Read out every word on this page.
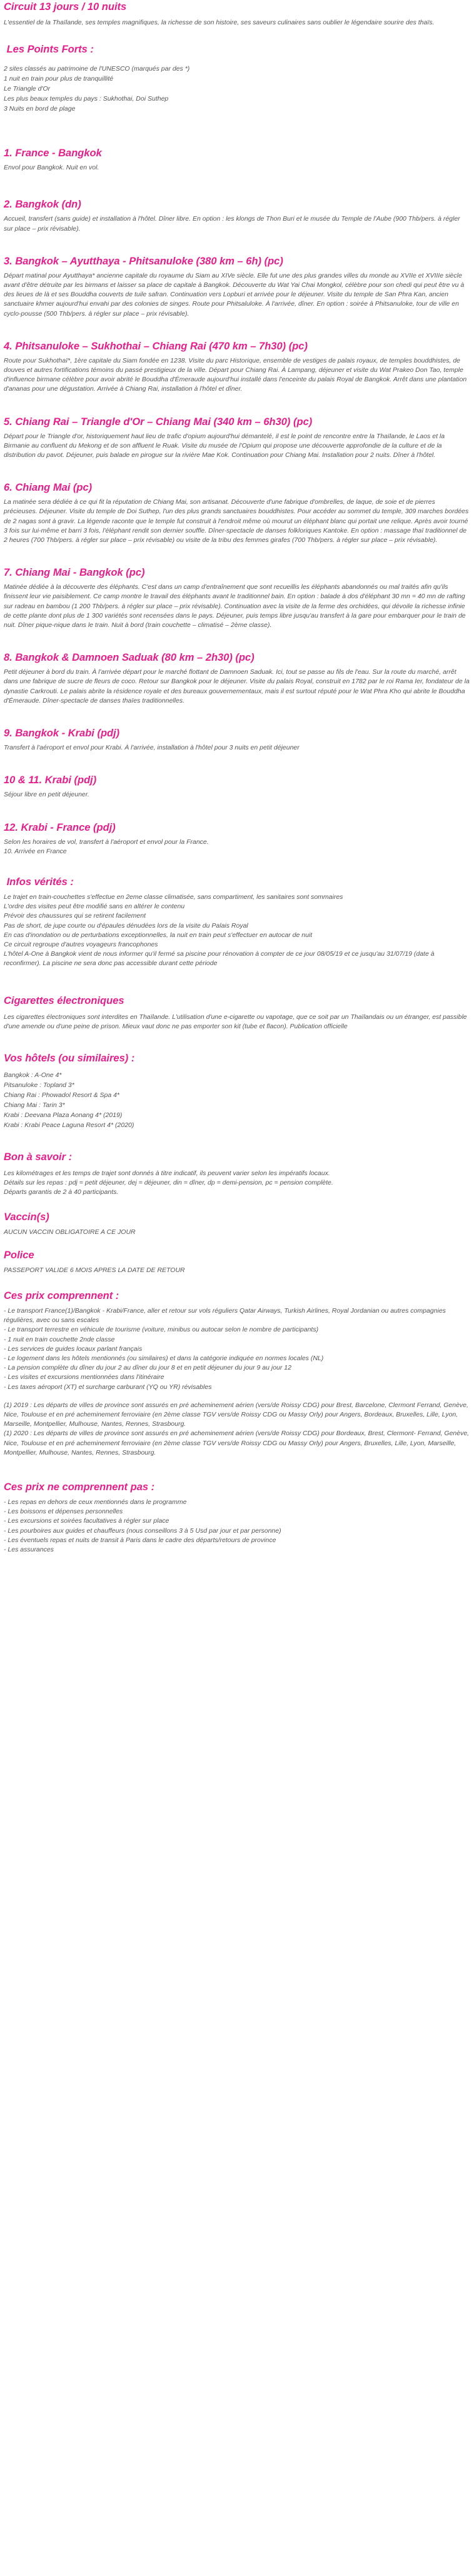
Circuit 13 jours / 10 nuits

L'essentiel de la Thaïlande, ses temples magnifiques, la richesse de son histoire, ses saveurs culinaires sans oublier le légendaire sourire des thaïs.

Les Points Forts :
2 sites classés au patrimoine de l'UNESCO (marqués par des *)
1 nuit en train pour plus de tranquillité
Le Triangle d'Or
Les plus beaux temples du pays : Sukhothai, Doi Suthep
3 Nuits en bord de plage
1. France - Bangkok

Envol pour Bangkok. Nuit en vol.

2. Bangkok (dn)

Accueil, transfert (sans guide) et installation à l'hôtel. Dîner libre. En option : les klongs de Thon Buri et le musée du Temple de l'Aube (900 Thb/pers. à régler sur place – prix révisable).

3. Bangkok – Ayutthaya - Phitsanuloke (380 km – 6h) (pc)

Départ matinal pour Ayutthaya* ancienne capitale du royaume du Siam au XIVe siècle. Elle fut une des plus grandes villes du monde au XVIIe et XVIIIe siècle avant d'être détruite par les birmans et laisser sa place de capitale à Bangkok. Découverte du Wat Yai Chai Mongkol, célèbre pour son chedi qui peut être vu à des lieues de là et ses Bouddha couverts de tuile safran. Continuation vers Lopburi et arrivée pour le déjeuner. Visite du temple de San Phra Kan, ancien sanctuaire khmer aujourd'hui envahi par des colonies de singes. Route pour Phitsaluloke. À l'arrivée, dîner. En option : soirée à Phitsanuloke, tour de ville en cyclo-pousse (500 Thb/pers. à régler sur place – prix révisable).

4. Phitsanuloke – Sukhothai – Chiang Rai (470 km – 7h30) (pc)

Route pour Sukhothaï*, 1ère capitale du Siam fondée en 1238. Visite du parc Historique, ensemble de vestiges de palais royaux, de temples bouddhistes, de douves et autres fortifications témoins du passé prestigieux de la ville. Départ pour Chiang Rai. À Lampang, déjeuner et visite du Wat Prakeo Don Tao, temple d'influence birmane célèbre pour avoir abrité le Bouddha d'Émeraude aujourd'hui installé dans l'enceinte du palais Royal de Bangkok. Arrêt dans une plantation d'ananas pour une dégustation. Arrivée à Chiang Rai, installation à l'hôtel et dîner.

5. Chiang Rai – Triangle d'Or – Chiang Mai (340 km – 6h30) (pc)

Départ pour le Triangle d'or, historiquement haut lieu de trafic d'opium aujourd'hui démantelé, il est le point de rencontre entre la Thaïlande, le Laos et la Birmanie au confluent du Mekong et de son affluent le Ruak. Visite du musée de l'Opium qui propose une découverte approfondie de la culture et de la distribution du pavot. Déjeuner, puis balade en pirogue sur la rivière Mae Kok. Continuation pour Chiang Mai. Installation pour 2 nuits. Dîner à l'hôtel.

6. Chiang Mai (pc)

La matinée sera dédiée à ce qui fit la réputation de Chiang Mai, son artisanat. Découverte d'une fabrique d'ombrelles, de laque, de soie et de pierres précieuses. Déjeuner. Visite du temple de Doi Suthep, l'un des plus grands sanctuaires bouddhistes. Pour accéder au sommet du temple, 309 marches bordées de 2 nagas sont à gravir. La légende raconte que le temple fut construit à l'endroit même où mourut un éléphant blanc qui portait une relique. Après avoir tourné 3 fois sur lui-même et barri 3 fois, l'éléphant rendit son dernier souffle. Dîner-spectacle de danses folkloriques Kantoke. En option : massage thaï traditionnel de 2 heures (700 Thb/pers. à régler sur place – prix révisable) ou visite de la tribu des femmes girafes (700 Thb/pers. à régler sur place – prix révisable).

7. Chiang Mai - Bangkok (pc)

Matinée dédiée à la découverte des éléphants. C'est dans un camp d'entraînement que sont recueillis les éléphants abandonnés ou mal traités afin qu'ils finissent leur vie paisiblement. Ce camp montre le travail des éléphants avant le traditionnel bain. En option : balade à dos d'éléphant 30 mn = 40 mn de rafting sur radeau en bambou (1 200 Thb/pers. à régler sur place – prix révisable). Continuation avec la visite de la ferme des orchidées, qui dévoile la richesse infinie de cette plante dont plus de 1 300 variétés sont recensées dans le pays. Déjeuner, puis temps libre jusqu'au transfert à la gare pour embarquer pour le train de nuit. Dîner pique-nique dans le train. Nuit à bord (train couchette – climatisé – 2ème classe).

8. Bangkok & Damnoen Saduak (80 km – 2h30) (pc)

Petit déjeuner à bord du train. À l'arrivée départ pour le marché flottant de Damnoen Saduak. Ici, tout se passe au fils de l'eau. Sur la route du marché, arrêt dans une fabrique de sucre de fleurs de coco. Retour sur Bangkok pour le déjeuner. Visite du palais Royal, construit en 1782 par le roi Rama Ier, fondateur de la dynastie Carkrouti. Le palais abrite la résidence royale et des bureaux gouvernementaux, mais il est surtout réputé pour le Wat Phra Kho qui abrite le Bouddha d'Émeraude. Dîner-spectacle de danses thaïes traditionnelles.

9. Bangkok - Krabi (pdj)

Transfert à l'aéroport et envol pour Krabi. À l'arrivée, installation à l'hôtel pour 3 nuits en petit déjeuner

10 & 11. Krabi (pdj)

Séjour libre en petit déjeuner.

12. Krabi - France (pdj)

Selon les horaires de vol, transfert à l'aéroport et envol pour la France.
10. Arrivée en France

Infos vérités :

Le trajet en train-couchettes s'effectue en 2eme classe climatisée, sans compartiment, les sanitaires sont sommaires

L'ordre des visites peut être modifié sans en altérer le contenu

Prévoir des chaussures qui se retirent facilement

Pas de short, de jupe courte ou d'épaules dénudées lors de la visite du Palais Royal

En cas d'inondation ou de perturbations exceptionnelles, la nuit en train peut s'effectuer en autocar de nuit

Ce circuit regroupe d'autres voyageurs francophones

L'hôtel A-One à Bangkok vient de nous informer qu'il fermé sa piscine pour rénovation à compter de ce jour 08/05/19 et ce jusqu'au 31/07/19 (date à reconfirmer). La piscine ne sera donc pas accessible durant cette période

Cigarettes électroniques

Les cigarettes électroniques sont interdites en Thaïlande. L'utilisation d'une e-cigarette ou vapotage, que ce soit par un Thaïlandais ou un étranger, est passible d'une amende ou d'une peine de prison. Mieux vaut donc ne pas emporter son kit (tube et flacon). Publication officielle

Vos hôtels (ou similaires) :
Bangkok : A-One 4*
Pitsanuloke : Topland 3*
Chiang Rai : Phowadol Resort & Spa 4*
Chiang Mai : Tarin 3*
Krabi : Deevana Plaza Aonang 4* (2019)
Krabi : Krabi Peace Laguna Resort 4* (2020)
Bon à savoir :

Les kilométrages et les temps de trajet sont donnés à titre indicatif, ils peuvent varier selon les impératifs locaux.
Détails sur les repas : pdj = petit déjeuner, dej = déjeuner, din = dîner, dp = demi-pension, pc = pension complète.
Départs garantis de 2 à 40 participants.

Vaccin(s)

AUCUN VACCIN OBLIGATOIRE A CE JOUR

Police

PASSEPORT VALIDE 6 MOIS APRES LA DATE DE RETOUR

Ces prix comprennent :

- Le transport France(1)/Bangkok - Krabi/France, aller et retour sur vols réguliers Qatar Airways, Turkish Airlines, Royal Jordanian ou autres compagnies régulières, avec ou sans escales

- Le transport terrestre en véhicule de tourisme (voiture, minibus ou autocar selon le nombre de participants)

- 1 nuit en train couchette 2nde classe

- Les services de guides locaux parlant français

- Le logement dans les hôtels mentionnés (ou similaires) et dans la catégorie indiquée en normes locales (NL)

- La pension complète du dîner du jour 2 au dîner du jour 8 et en petit déjeuner du jour 9 au jour 12

- Les visites et excursions mentionnées dans l'itinéraire

- Les taxes aéroport (XT) et surcharge carburant (YQ ou YR) révisables

(1) 2019 : Les départs de villes de province sont assurés en pré acheminement aérien (vers/de Roissy CDG) pour Brest, Barcelone, Clermont Ferrand, Genève, Nice, Toulouse et en pré acheminement ferroviaire (en 2ème classe TGV vers/de Roissy CDG ou Massy Orly) pour Angers, Bordeaux, Bruxelles, Lille, Lyon, Marseille, Montpellier, Mulhouse, Nantes, Rennes, Strasbourg.

(1) 2020 : Les départs de villes de province sont assurés en pré acheminement aérien (vers/de Roissy CDG) pour Bordeaux, Brest, Clermont- Ferrand, Genève, Nice, Toulouse et en pré acheminement ferroviaire (en 2ème classe TGV vers/de Roissy CDG ou Massy Orly) pour Angers, Bruxelles, Lille, Lyon, Marseille, Montpellier, Mulhouse, Nantes, Rennes, Strasbourg.

Ces prix ne comprennent pas :

- Les repas en dehors de ceux mentionnés dans le programme

- Les boissons et dépenses personnelles

- Les excursions et soirées facultatives à régler sur place

- Les pourboires aux guides et chauffeurs (nous conseillons 3 à 5 Usd par jour et par personne)

- Les éventuels repas et nuits de transit à Paris dans le cadre des départs/retours de province

- Les assurances
